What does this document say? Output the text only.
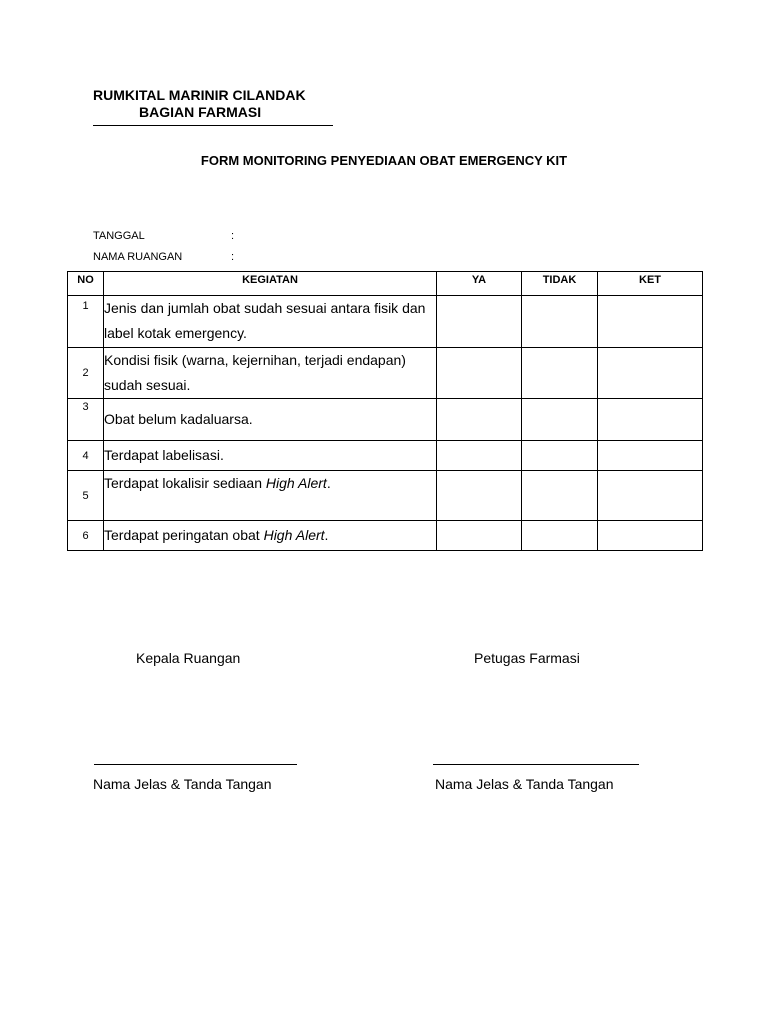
RUMKITAL MARINIR CILANDAK
BAGIAN FARMASI
FORM MONITORING PENYEDIAAN OBAT EMERGENCY KIT
TANGGAL	:
NAMA RUANGAN	:
NO	KEGIATAN	YA	TIDAK	KET
1	Jenis dan jumlah obat sudah sesuai antara fisik dan label kotak emergency.			
2	Kondisi fisik (warna, kejernihan, terjadi endapan) sudah sesuai.			
3	Obat belum kadaluarsa.			
4	Terdapat labelisasi.			
5	Terdapat lokalisir sediaan High Alert.			
6	Terdapat peringatan obat High Alert.			
Kepala Ruangan	Petugas Farmasi
Nama Jelas & Tanda Tangan	Nama Jelas & Tanda Tangan
